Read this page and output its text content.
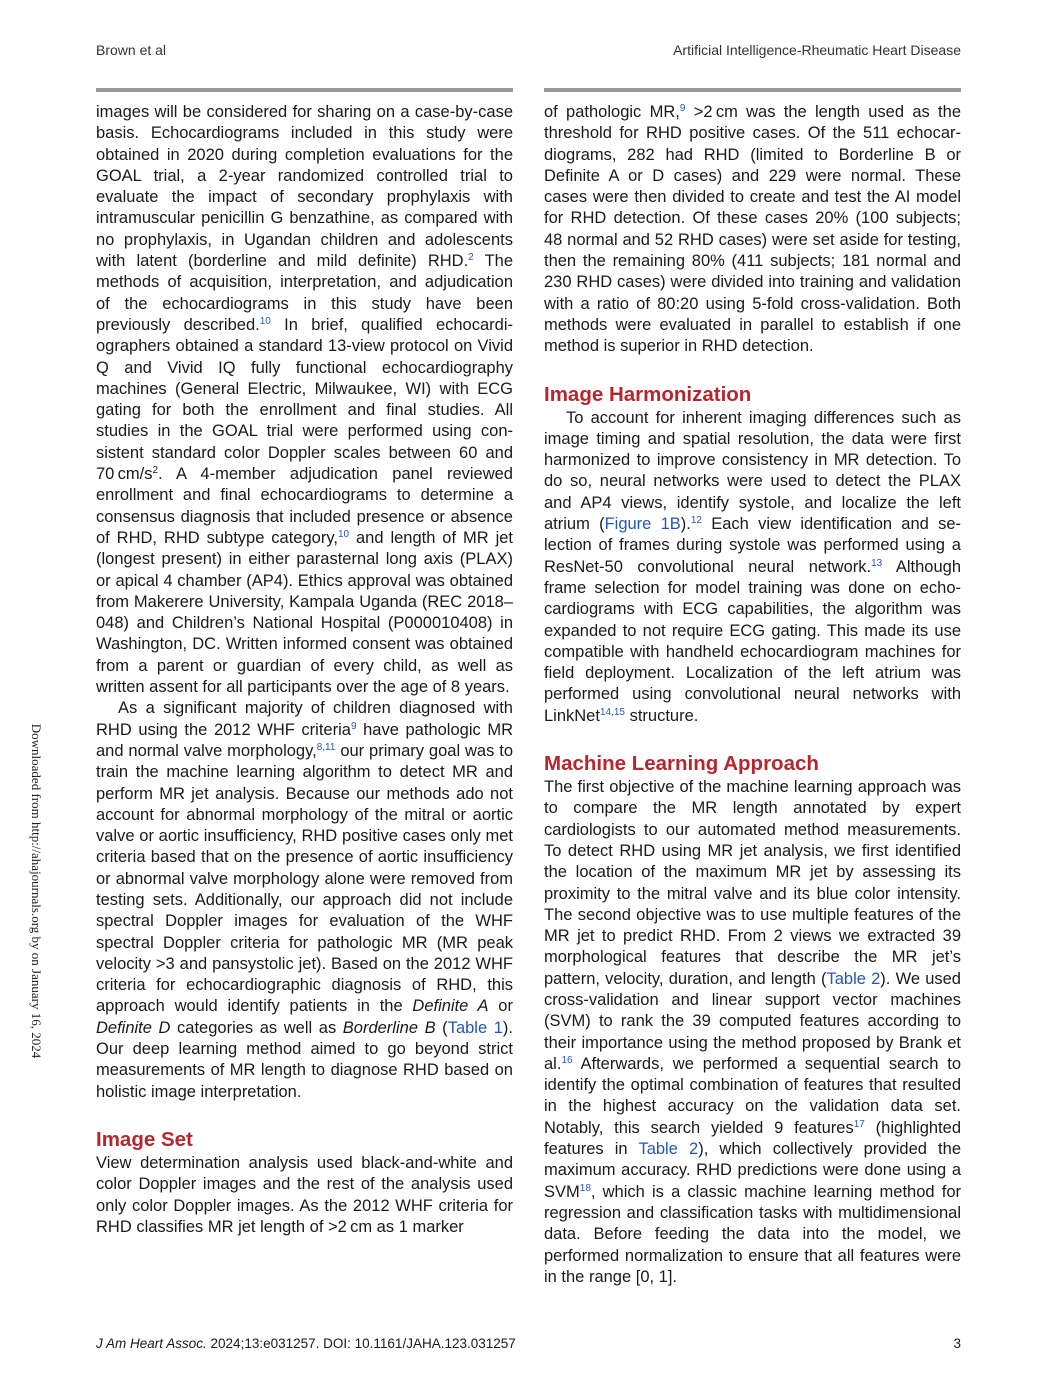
Brown et al	Artificial Intelligence-Rheumatic Heart Disease
Downloaded from http://ahajournals.org by on January 16, 2024

images will be considered for sharing on a case-by-case basis. Echocardiograms included in this study were obtained in 2020 during completion evaluations for the GOAL trial, a 2-year randomized controlled trial to evaluate the impact of secondary prophylaxis with intramuscular penicillin G benzathine, as compared with no prophylaxis, in Ugandan children and adolescents with latent (borderline and mild definite) RHD.$^2$ The methods of acquisition, interpretation, and adjudication of the echocardiograms in this study have been previously described.$^{10}$ In brief, qualified echocardiographers obtained a standard 13-view protocol on Vivid Q and Vivid IQ fully functional echocardiography machines (General Electric, Milwaukee, WI) with ECG gating for both the enrollment and final studies. All studies in the GOAL trial were performed using consistent standard color Doppler scales between 60 and 70 $cm/s^2$. A 4-member adjudication panel reviewed enrollment and final echocardiograms to determine a consensus diagnosis that included presence or absence of RHD, RHD subtype category,$^{10}$ and length of MR jet (longest present) in either parasternal long axis (PLAX) or apical 4 chamber (AP4). Ethics approval was obtained from Makerere University, Kampala Uganda (REC 2018–048) and Children’s National Hospital (P000010408) in Washington, DC. Written informed consent was obtained from a parent or guardian of every child, as well as written assent for all participants over the age of 8 years.

As a significant majority of children diagnosed with RHD using the 2012 WHF criteria$^9$ have pathologic MR and normal valve morphology,$^{8,11}$ our primary goal was to train the machine learning algorithm to detect MR and perform MR jet analysis. Because our methods ado not account for abnormal morphology of the mitral or aortic valve or aortic insufficiency, RHD positive cases only met criteria based that on the presence of aortic insufficiency or abnormal valve morphology alone were removed from testing sets. Additionally, our approach did not include spectral Doppler images for evaluation of the WHF spectral Doppler criteria for pathologic MR (MR peak velocity >3 and pansystolic jet). Based on the 2012 WHF criteria for echocardiographic diagnosis of RHD, this approach would identify patients in the Definite A or Definite D categories as well as Borderline B (Table 1). Our deep learning method aimed to go beyond strict measurements of MR length to diagnose RHD based on holistic image interpretation.

Image Set

View determination analysis used black-and-white and color Doppler images and the rest of the analysis used only color Doppler images. As the 2012 WHF criteria for RHD classifies MR jet length of >2 cm as 1 marker

of pathologic MR,$^9$ >2 cm was the length used as the threshold for RHD positive cases. Of the 511 echocardiograms, 282 had RHD (limited to Borderline B or Definite A or D cases) and 229 were normal. These cases were then divided to create and test the AI model for RHD detection. Of these cases 20% (100 subjects; 48 normal and 52 RHD cases) were set aside for testing, then the remaining 80% (411 subjects; 181 normal and 230 RHD cases) were divided into training and validation with a ratio of 80:20 using 5-fold cross-validation. Both methods were evaluated in parallel to establish if one method is superior in RHD detection.

Image Harmonization

To account for inherent imaging differences such as image timing and spatial resolution, the data were first harmonized to improve consistency in MR detection. To do so, neural networks were used to detect the PLAX and AP4 views, identify systole, and localize the left atrium (Figure 1B).$^{12}$ Each view identification and selection of frames during systole was performed using a ResNet-50 convolutional neural network.$^{13}$ Although frame selection for model training was done on echocardiograms with ECG capabilities, the algorithm was expanded to not require ECG gating. This made its use compatible with handheld echocardiogram machines for field deployment. Localization of the left atrium was performed using convolutional neural networks with LinkNet$^{14,15}$ structure.

Machine Learning Approach

The first objective of the machine learning approach was to compare the MR length annotated by expert cardiologists to our automated method measurements. To detect RHD using MR jet analysis, we first identified the location of the maximum MR jet by assessing its proximity to the mitral valve and its blue color intensity. The second objective was to use multiple features of the MR jet to predict RHD. From 2 views we extracted 39 morphological features that describe the MR jet’s pattern, velocity, duration, and length (Table 2). We used cross-validation and linear support vector machines (SVM) to rank the 39 computed features according to their importance using the method proposed by Brank et al.$^{16}$ Afterwards, we performed a sequential search to identify the optimal combination of features that resulted in the highest accuracy on the validation data set. Notably, this search yielded 9 features$^{17}$ (highlighted features in Table 2), which collectively provided the maximum accuracy. RHD predictions were done using a SVM$^{18}$, which is a classic machine learning method for regression and classification tasks with multidimensional data. Before feeding the data into the model, we performed normalization to ensure that all features were in the range [0, 1].

J Am Heart Assoc. 2024;13:e031257. DOI: 10.1161/JAHA.123.031257	3
